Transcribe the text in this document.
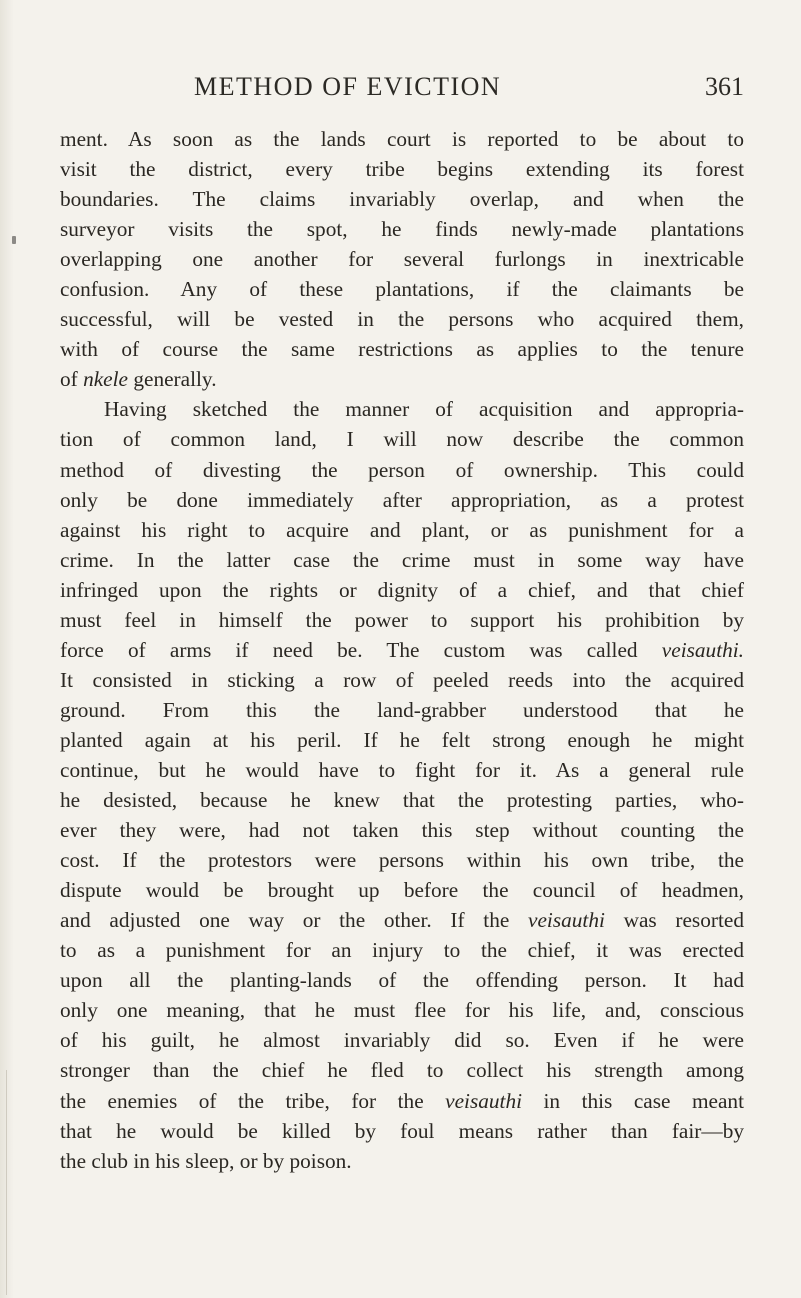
METHOD OF EVICTION	361
ment. As soon as the lands court is reported to be about to
visit the district, every tribe begins extending its forest
boundaries. The claims invariably overlap, and when the
surveyor visits the spot, he finds newly-made plantations
overlapping one another for several furlongs in inextricable
confusion. Any of these plantations, if the claimants be
successful, will be vested in the persons who acquired them,
with of course the same restrictions as applies to the tenure
of nkele generally.
Having sketched the manner of acquisition and appropria-
tion of common land, I will now describe the common
method of divesting the person of ownership. This could
only be done immediately after appropriation, as a protest
against his right to acquire and plant, or as punishment for a
crime. In the latter case the crime must in some way have
infringed upon the rights or dignity of a chief, and that chief
must feel in himself the power to support his prohibition by
force of arms if need be. The custom was called veisauthi.
It consisted in sticking a row of peeled reeds into the acquired
ground. From this the land-grabber understood that he
planted again at his peril. If he felt strong enough he might
continue, but he would have to fight for it. As a general rule
he desisted, because he knew that the protesting parties, who-
ever they were, had not taken this step without counting the
cost. If the protestors were persons within his own tribe, the
dispute would be brought up before the council of headmen,
and adjusted one way or the other. If the veisauthi was resorted
to as a punishment for an injury to the chief, it was erected
upon all the planting-lands of the offending person. It had
only one meaning, that he must flee for his life, and, conscious
of his guilt, he almost invariably did so. Even if he were
stronger than the chief he fled to collect his strength among
the enemies of the tribe, for the veisauthi in this case meant
that he would be killed by foul means rather than fair—by
the club in his sleep, or by poison.
